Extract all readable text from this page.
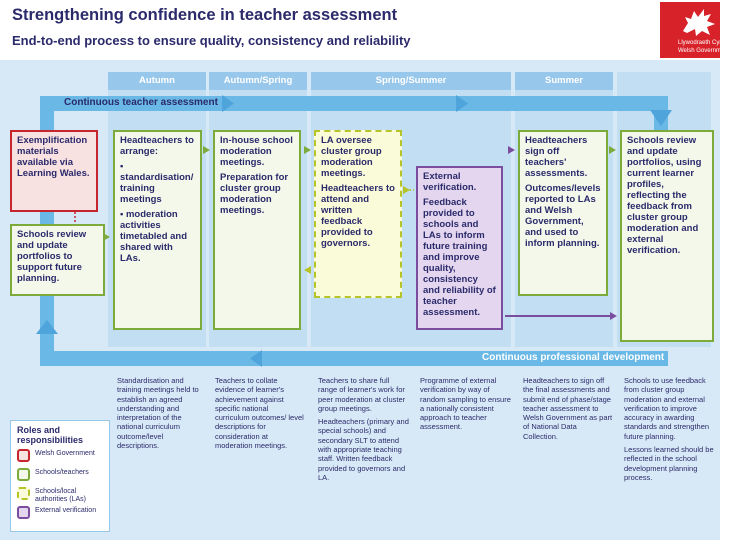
Strengthening confidence in teacher assessment
End-to-end process to ensure quality, consistency and reliability	Llywodraeth Cymru
Welsh Government
Autumn	Autumn/Spring	Spring/Summer	Summer
Continuous teacher assessment
Continuous professional development
Exemplification materials available via Learning Wales.
Schools review and update portfolios to support future planning.
Headteachers to arrange:
• standardisation/ training meetings
• moderation activities timetabled and shared with LAs.
In-house school moderation meetings.
Preparation for cluster group moderation meetings.
LA oversee cluster group moderation meetings.
Headteachers to attend and written feedback provided to governors.
External verification.
Feedback provided to schools and LAs to inform future training and improve quality, consistency and reliability of teacher assessment.
Headteachers sign off teachers' assessments.
Outcomes/levels reported to LAs and Welsh Government, and used to inform planning.
Schools review and update portfolios, using current learner profiles, reflecting the feedback from cluster group moderation and external verification.
Standardisation and training meetings held to establish an agreed understanding and interpretation of the national curriculum outcome/level descriptions.
Teachers to collate evidence of learner's achievement against specific national curriculum outcomes/ level descriptions for consideration at moderation meetings.
Teachers to share full range of learner's work for peer moderation at cluster group meetings.
Headteachers (primary and special schools) and secondary SLT to attend with appropriate teaching staff. Written feedback provided to governors and LA.
Programme of external verification by way of random sampling to ensure a nationally consistent approach to teacher assessment.
Headteachers to sign off the final assessments and submit end of phase/stage teacher assessment to Welsh Government as part of National Data Collection.
Schools to use feedback from cluster group moderation and external verification to improve accuracy in awarding standards and strengthen future planning.
Lessons learned should be reflected in the school development planning process.
Roles and responsibilities
Welsh Government
Schools/teachers
Schools/local authorities (LAs)
External verification
